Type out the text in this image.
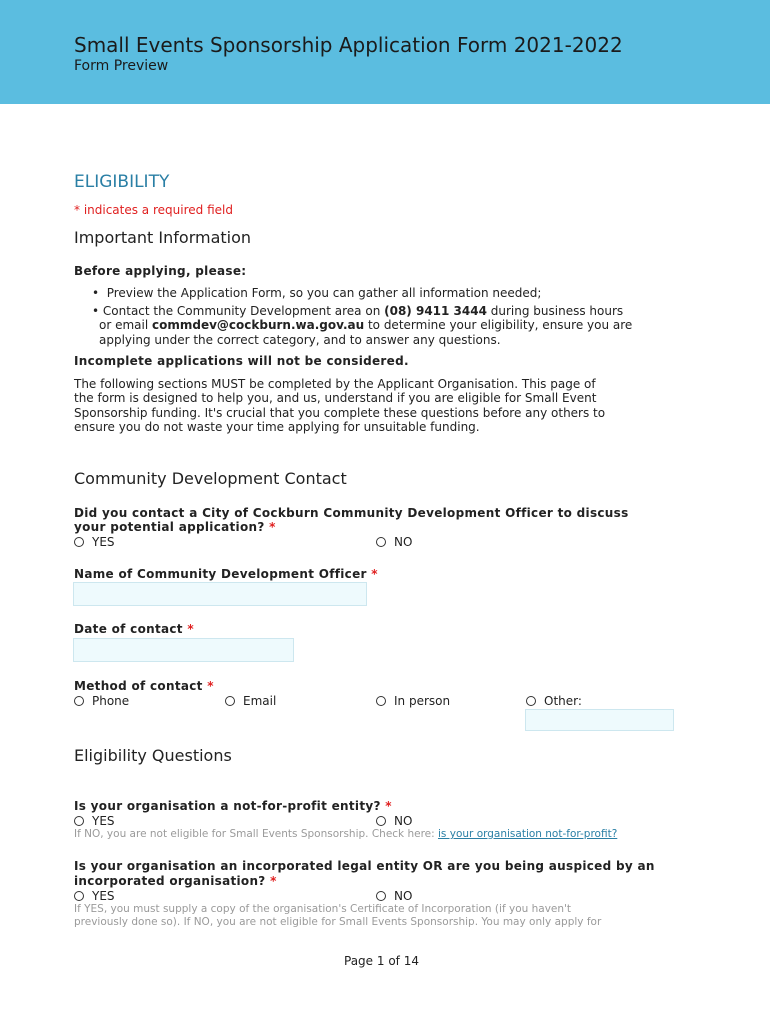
Small Events Sponsorship Application Form 2021-2022
Form Preview
ELIGIBILITY
* indicates a required field
Important Information
Before applying, please:
•  Preview the Application Form, so you can gather all information needed;
• Contact the Community Development area on (08) 9411 3444 during business hours
or email commdev@cockburn.wa.gov.au to determine your eligibility, ensure you are
applying under the correct category, and to answer any questions.
Incomplete applications will not be considered.
The following sections MUST be completed by the Applicant Organisation. This page of
the form is designed to help you, and us, understand if you are eligible for Small Event
Sponsorship funding. It's crucial that you complete these questions before any others to
ensure you do not waste your time applying for unsuitable funding.
Community Development Contact
Did you contact a City of Cockburn Community Development Officer to discuss
your potential application? *
YES	NO
Name of Community Development Officer *
Date of contact *
Method of contact *
Phone	Email	In person	Other:
Eligibility Questions
Is your organisation a not-for-profit entity? *
YES	NO
If NO, you are not eligible for Small Events Sponsorship. Check here: is your organisation not-for-profit?
Is your organisation an incorporated legal entity OR are you being auspiced by an
incorporated organisation? *
YES	NO
If YES, you must supply a copy of the organisation's Certificate of Incorporation (if you haven't
previously done so). If NO, you are not eligible for Small Events Sponsorship. You may only apply for
Page 1 of 14
